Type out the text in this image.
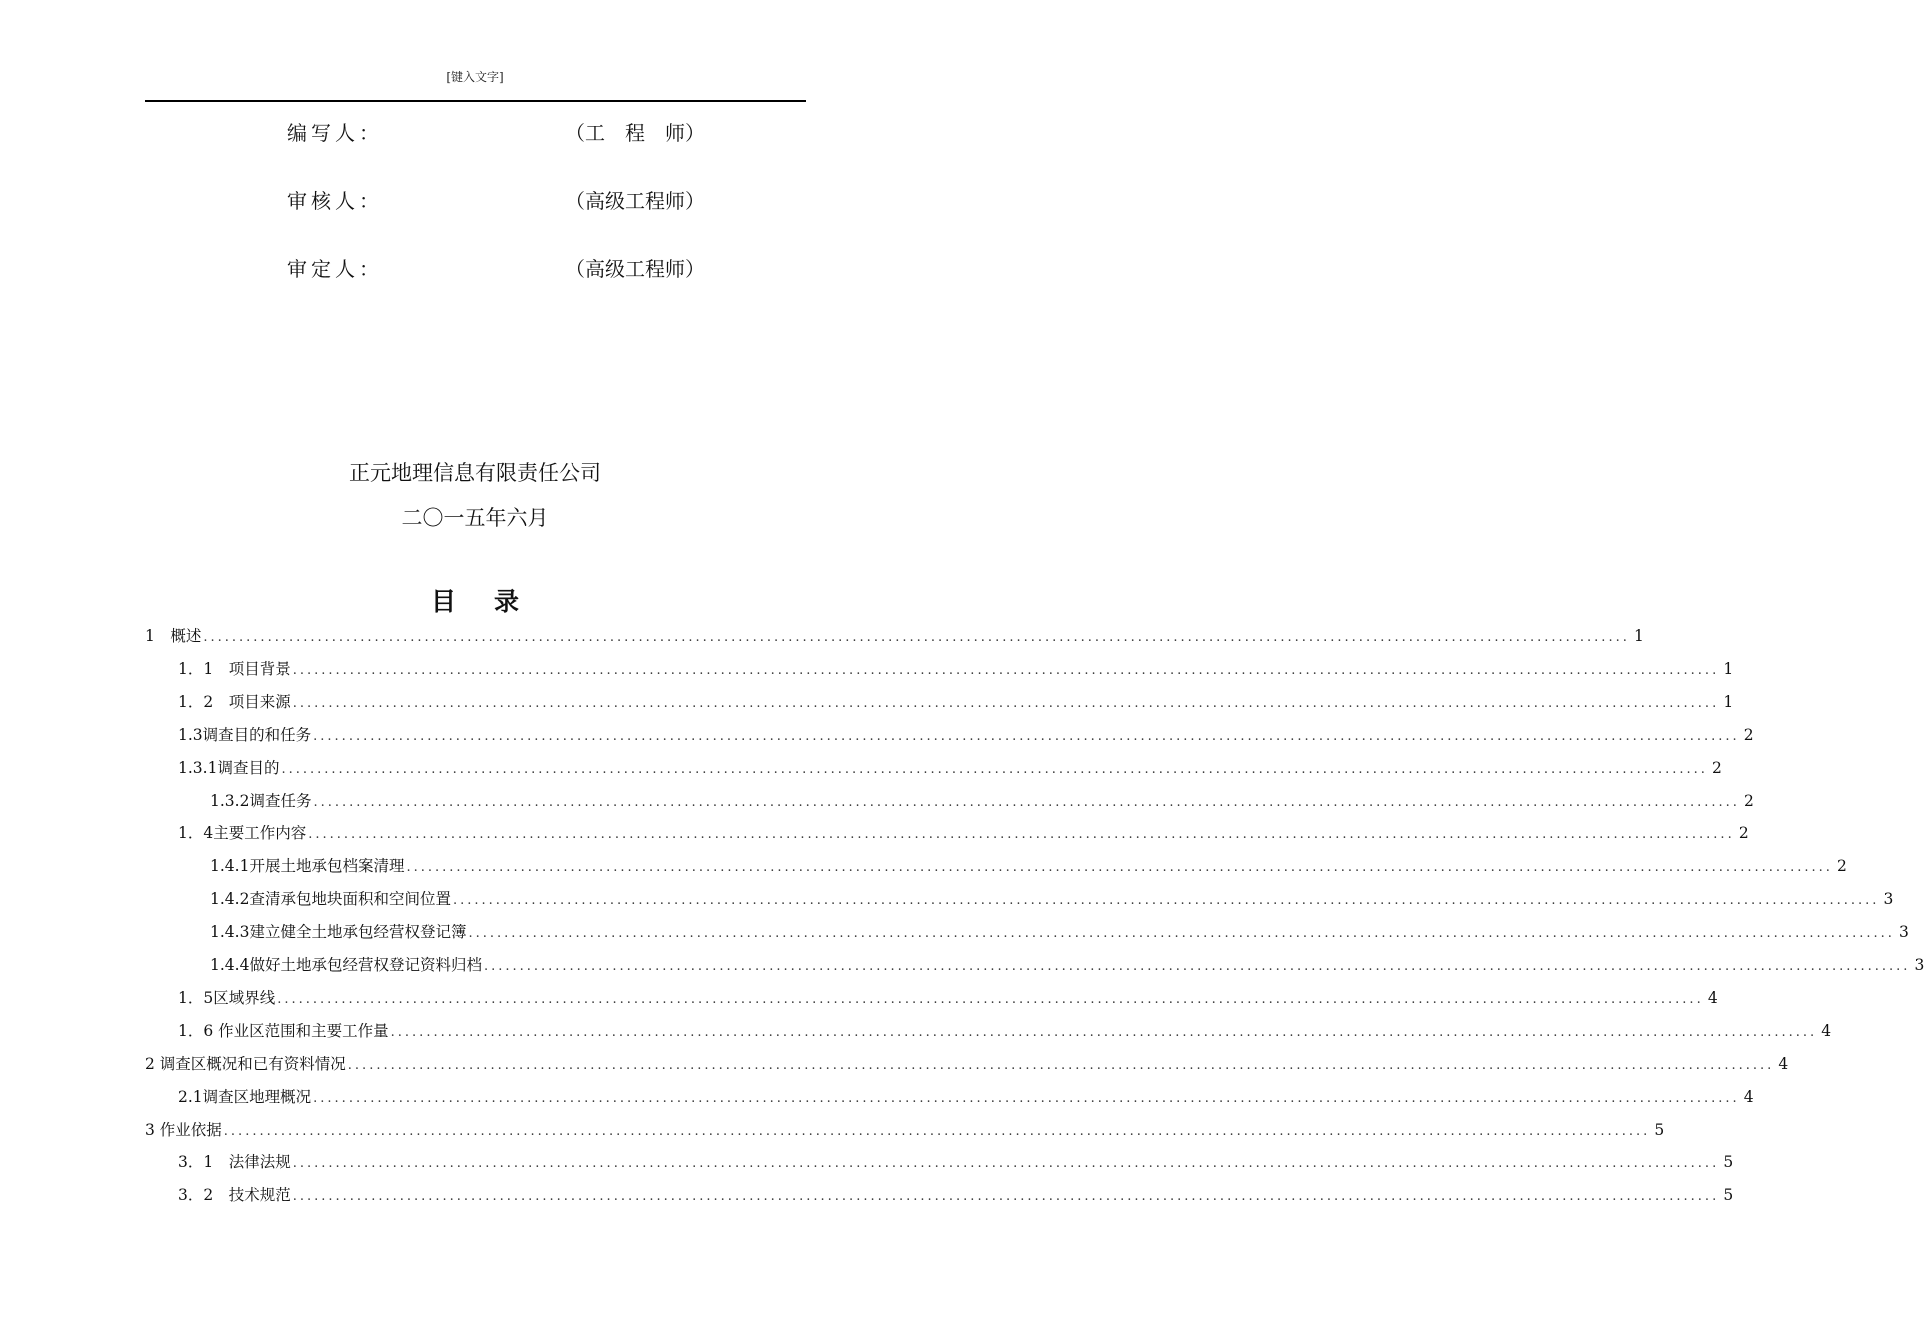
[键入文字]
编写人：	（工　程　师）
审核人：	（高级工程师）
审定人：	（高级工程师）
正元地理信息有限责任公司
二〇一五年六月
目录
1　概述 ........................................................................................................................................................................................................ 1
1．1　项目背景 ........................................................................................................................................................................................................ 1
1．2　项目来源 ........................................................................................................................................................................................................ 1
1.3调查目的和任务 ........................................................................................................................................................................................................ 2
1.3.1调查目的 ........................................................................................................................................................................................................ 2
1.3.2调查任务 ........................................................................................................................................................................................................ 2
1．4主要工作内容 ........................................................................................................................................................................................................ 2
1.4.1开展土地承包档案清理 ........................................................................................................................................................................................................ 2
1.4.2查清承包地块面积和空间位置 ........................................................................................................................................................................................................ 3
1.4.3建立健全土地承包经营权登记簿 ........................................................................................................................................................................................................ 3
1.4.4做好土地承包经营权登记资料归档 ........................................................................................................................................................................................................ 3
1．5区域界线 ........................................................................................................................................................................................................ 4
1．6 作业区范围和主要工作量 ........................................................................................................................................................................................................ 4
2 调查区概况和已有资料情况 ........................................................................................................................................................................................................ 4
2.1调查区地理概况 ........................................................................................................................................................................................................ 4
3 作业依据 ........................................................................................................................................................................................................ 5
3．1　法律法规 ........................................................................................................................................................................................................ 5
3．2　技术规范 ........................................................................................................................................................................................................ 5
